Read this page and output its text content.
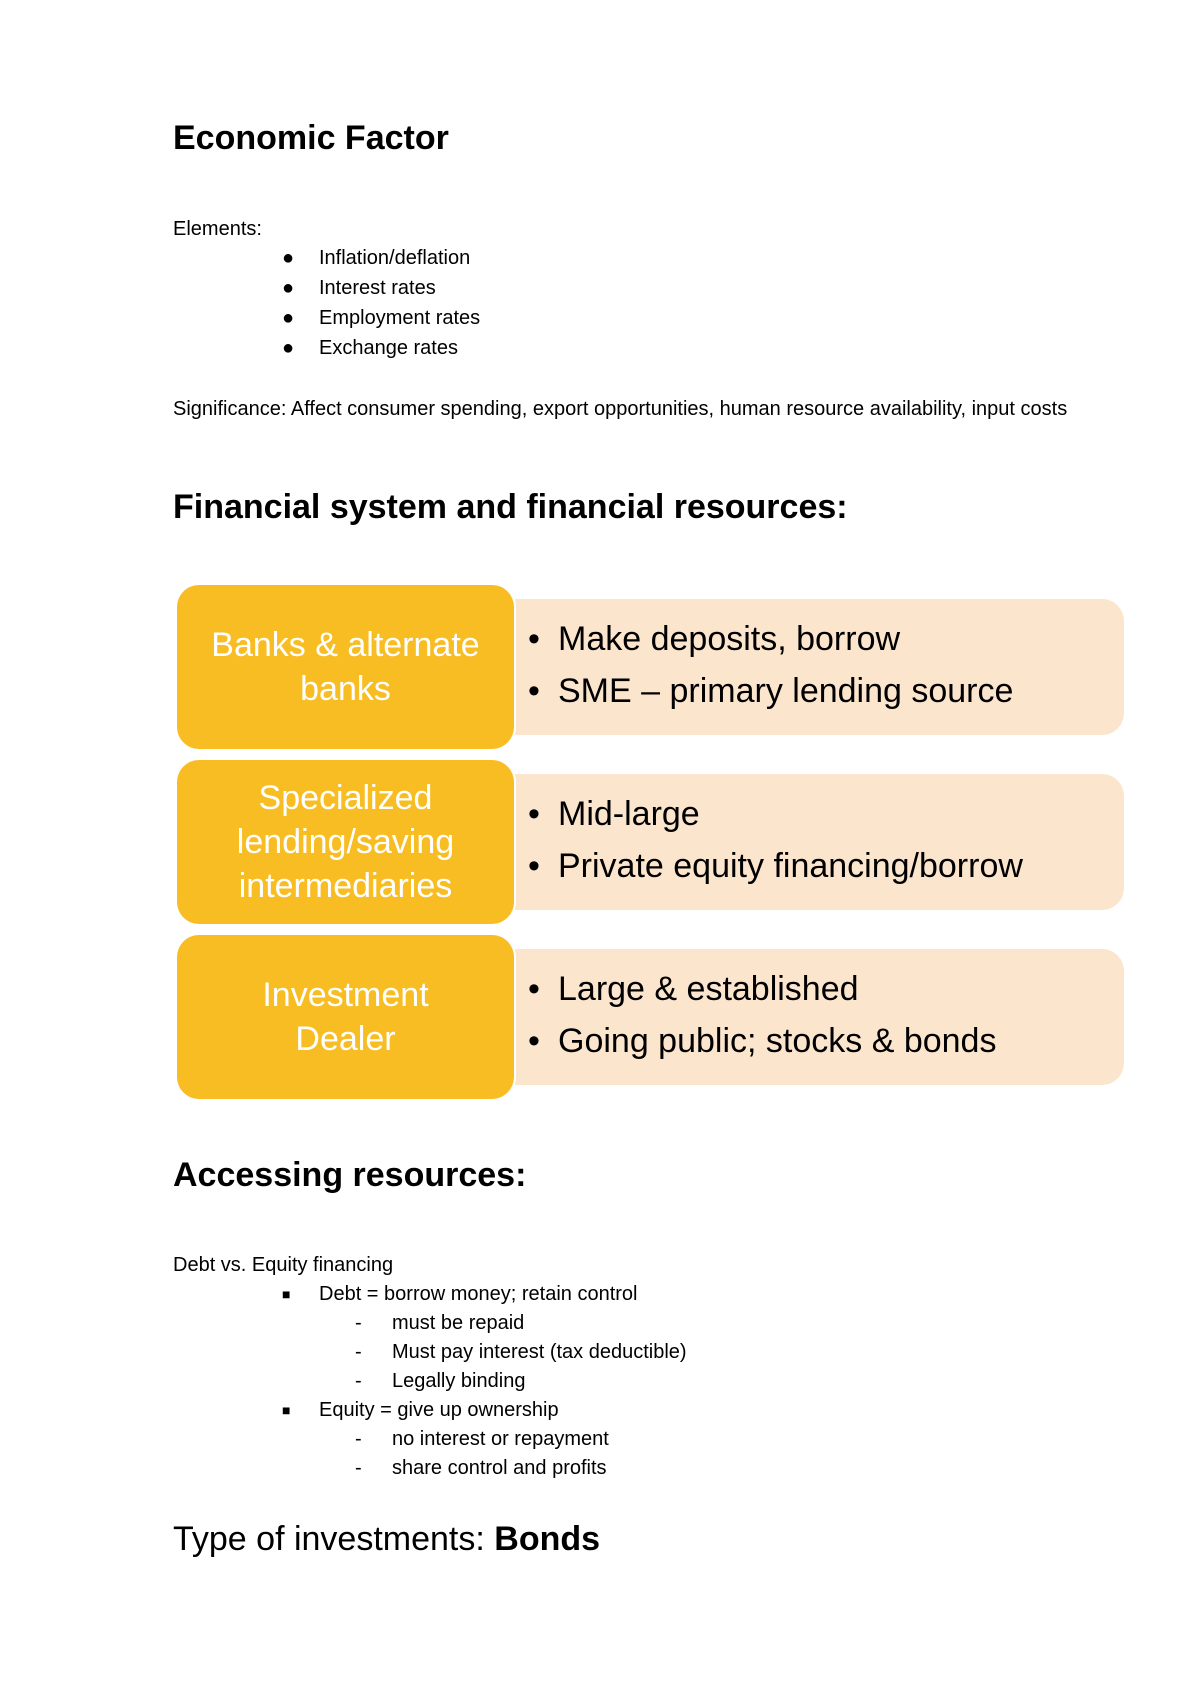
Economic Factor
Elements:
● Inflation/deflation
● Interest rates
● Employment rates
● Exchange rates
Significance: Affect consumer spending, export opportunities, human resource availability, input costs
Financial system and financial resources:
Banks & alternate banks
• Make deposits, borrow
• SME – primary lending source
Specialized lending/saving intermediaries
• Mid-large
• Private equity financing/borrow
Investment Dealer
• Large & established
• Going public; stocks & bonds
Accessing resources:
Debt vs. Equity financing
■ Debt = borrow money; retain control
- must be repaid
- Must pay interest (tax deductible)
- Legally binding
■ Equity = give up ownership
- no interest or repayment
- share control and profits
Type of investments: Bonds
